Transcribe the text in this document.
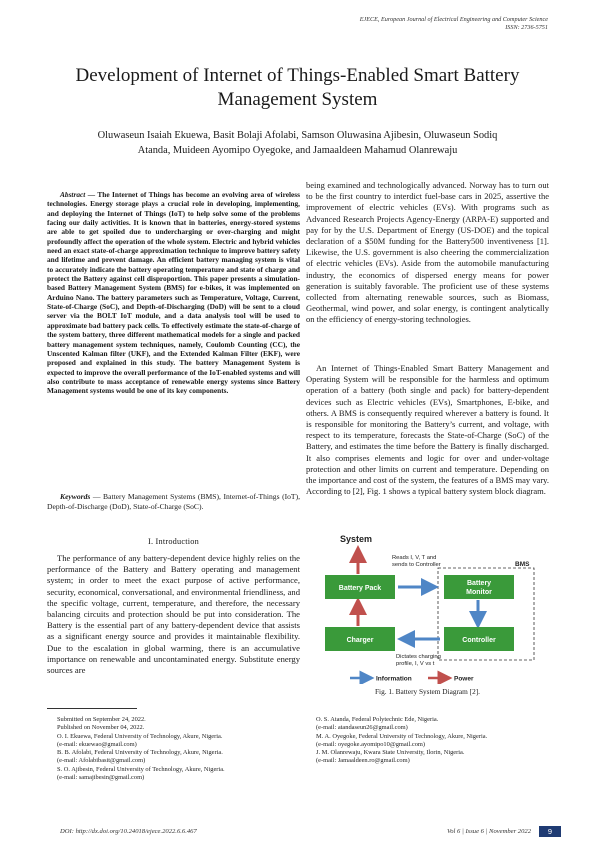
EJECE, European Journal of Electrical Engineering and Computer Science
ISSN: 2736-5751
Development of Internet of Things-Enabled Smart Battery Management System
Oluwaseun Isaiah Ekuewa, Basit Bolaji Afolabi, Samson Oluwasina Ajibesin, Oluwaseun Sodiq
Atanda, Muideen Ayomipo Oyegoke, and Jamaaldeen Mahamud Olanrewaju
Abstract — The Internet of Things has become an evolving area of wireless technologies. Energy storage plays a crucial role in developing, implementing, and deploying the Internet of Things (IoT) to help solve some of the problems facing our daily activities. It is known that in batteries, energy-stored systems are able to get spoiled due to undercharging or over-charging and might profoundly affect the operation of the whole system. Electric and hybrid vehicles need an exact state-of-charge approximation technique to improve battery safety and lifetime and prevent damage. An efficient battery managing system is vital to accurately indicate the battery operating temperature and state of charge and protect the Battery against cell disproportion. This paper presents a simulation-based Battery Management System (BMS) for e-bikes, it was implemented on Arduino Nano. The battery parameters such as Temperature, Voltage, Current, State-of-Charge (SoC), and Depth-of-Discharging (DoD) will be sent to a cloud server via the BOLT IoT module, and a data analysis tool will be used to approximate bad battery pack cells. To effectively estimate the state-of-charge of the system battery, three different mathematical models for a single and packed battery management system techniques, namely, Coulomb Counting (CC), the Unscented Kalman filter (UKF), and the Extended Kalman Filter (EKF), were proposed and explained in this study. The battery Management System is expected to improve the overall performance of the IoT-enabled systems and will also contribute to mass acceptance of renewable energy systems since Battery Management systems would be one of its key components.
Keywords — Battery Management Systems (BMS), Internet-of-Things (IoT), Depth-of-Discharge (DoD), State-of-Charge (SoC).
I. Introduction
The performance of any battery-dependent device highly relies on the performance of the Battery and Battery operating and management system; in order to meet the exact purpose of active performance, security, economical, conversational, and environmental friendliness, and the specific voltage, current, temperature, and therefore, the necessary balancing circuits and protection should be put into consideration. The Battery is the essential part of any battery-dependent device that assists as a significant energy source and provides it maintainable flexibility. Due to the escalation in global warming, there is an accumulative importance on renewable and uncontaminated energy. Substitute energy sources are
being examined and technologically advanced. Norway has to turn out to be the first country to interdict fuel-base cars in 2025, assertive the improvement of electric vehicles (EVs). With programs such as Advanced Research Projects Agency-Energy (ARPA-E) supported and pay for by the U.S. Department of Energy (US-DOE) and the topical declaration of a $50M funding for the Battery500 inventiveness [1]. Likewise, the U.S. government is also cheering the commercialization of electric vehicles (EVs). Aside from the automobile manufacturing industry, the economics of dispersed energy means for power generation is suitably favorable. The proficient use of these systems collected from alternating renewable sources, such as Biomass, Geothermal, wind power, and solar energy, is contingent analytically on the efficiency of energy-storing technologies.
An Internet of Things-Enabled Smart Battery Management and Operating System will be responsible for the harmless and optimum operation of a battery (both single and pack) for battery-dependent devices such as Electric vehicles (EVs), Smartphones, E-bike, and others. A BMS is consequently required wherever a battery is found. It is responsible for monitoring the Battery’s current, and voltage, with respect to its temperature, forecasts the State-of-Charge (SoC) of the Battery, and estimates the time before the Battery is finally discharged. It also comprises elements and logic for over and under-voltage protection and other limits on current and temperature. Depending on the importance and cost of the system, the features of a BMS may vary. According to [2], Fig. 1 shows a typical battery system block diagram.
System
Reads I, V, T and
sends to Controller	BMS
Battery Pack
Battery
Monitor
Charger	Controller
Dictates charging
profile, I, V vs t
Information	Power
Fig. 1. Battery System Diagram [2].
Submitted on September 24, 2022.
Published on November 04, 2022.
O. I. Ekuewa, Federal University of Technology, Akure, Nigeria.
(e-mail: ekuewao@gmail.com)
B. B. Afolabi, Federal University of Technology, Akure, Nigeria.
(e-mail: Afolabibasit@gmail.com)
S. O. Ajibesin, Federal University of Technology, Akure, Nigeria.
(e-mail: samajibesin@gmail.com)
O. S. Atanda, Federal Polytechnic Ede, Nigeria.
(e-mail: atandaseun26@gmail.com)
M. A. Oyegoke, Federal University of Technology, Akure, Nigeria.
(e-mail: oyegoke.ayomipo10@gmail.com)
J. M. Olanrewaju, Kwara State University, Ilorin, Nigeria.
(e-mail: Jamaaldeen.ro@gmail.com)
DOI: http://dx.doi.org/10.24018/ejece.2022.6.6.467	Vol 6 | Issue 6 | November 2022	9
